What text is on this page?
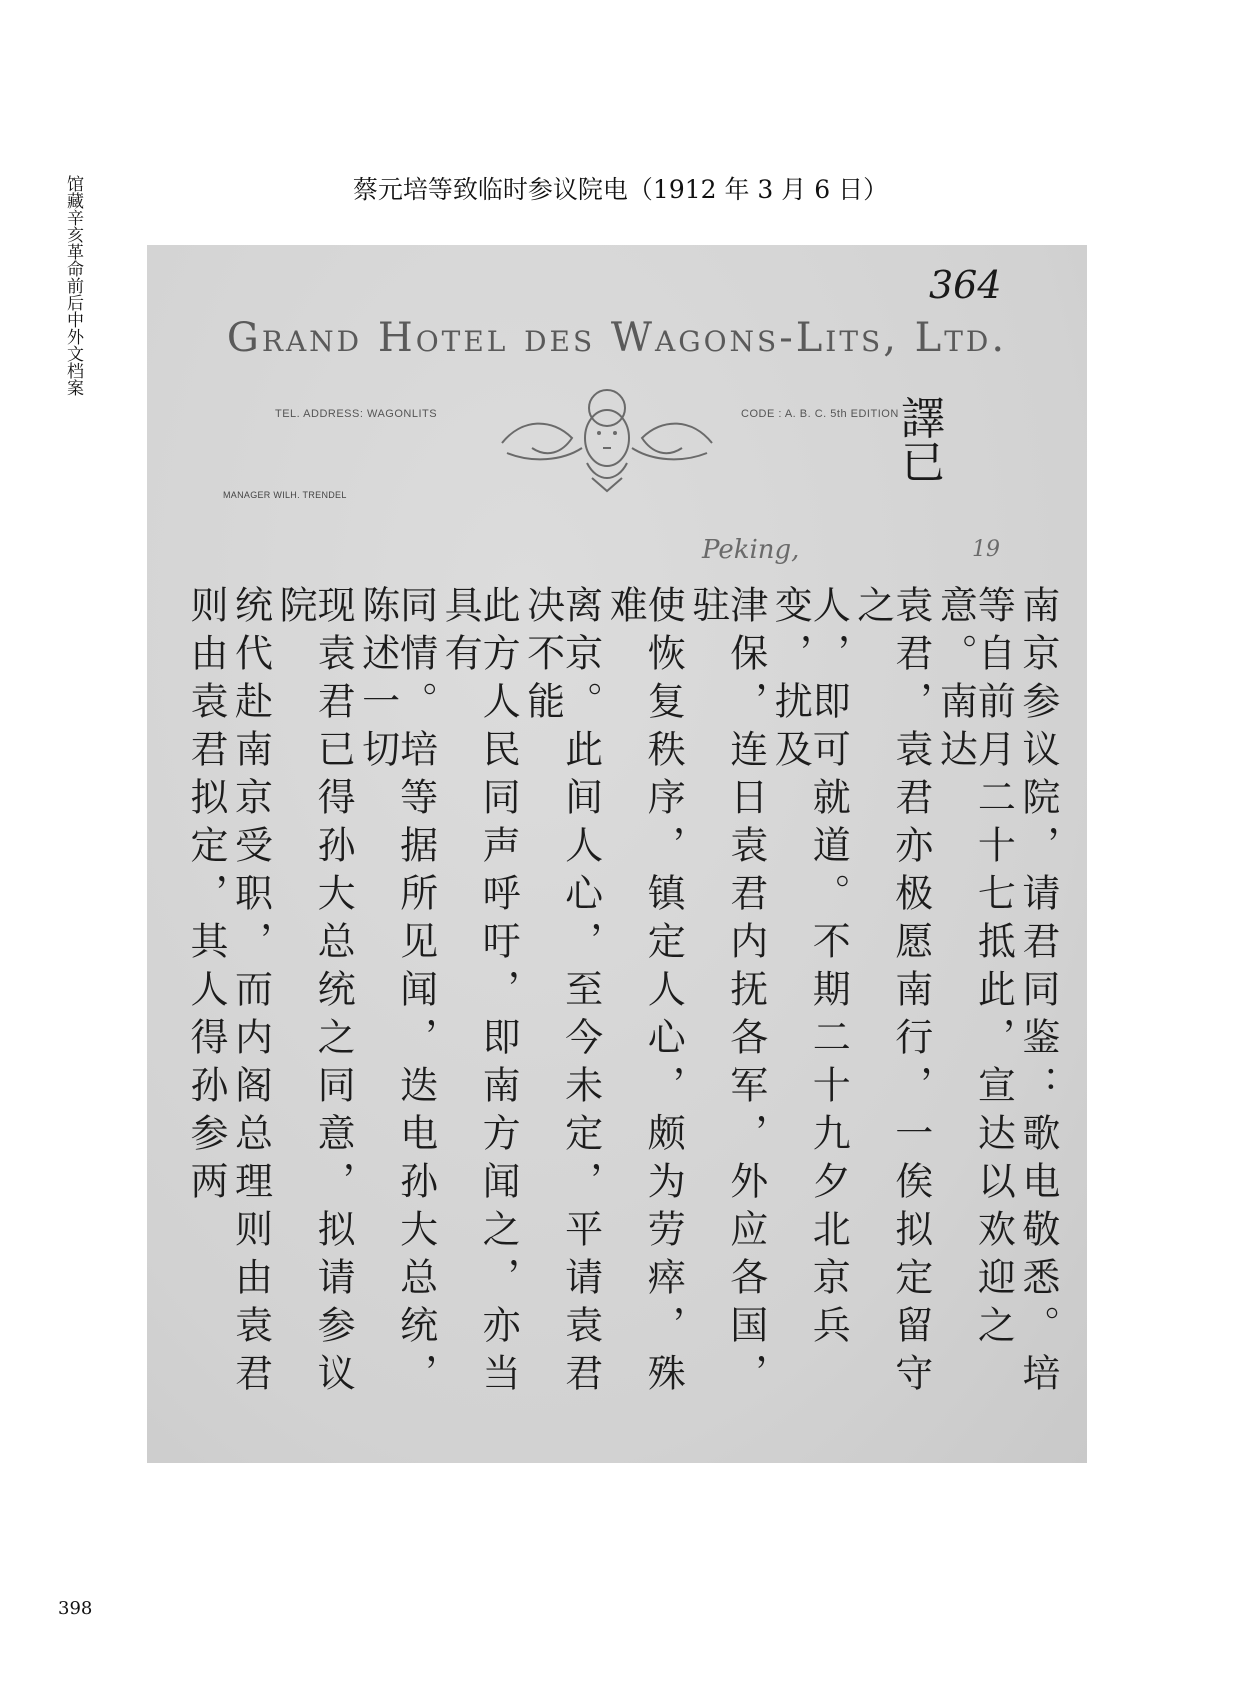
馆藏辛亥革命前后中外文档案	蔡元培等致临时参议院电（1912 年 3 月 6 日）
Grand Hotel des Wagons-Lits, Ltd.
TEL. ADDRESS: WAGONLITS	CODE : A. B. C. 5th EDITION
MANAGER WILH. TRENDEL
Peking,	19
364
譯已
南京参议院，请君同鉴：歌电敬悉。培
等自前月二十七抵此，宣达以欢迎之意。南达
袁君，袁君亦极愿南行，一俟拟定留守之
人，即可就道。不期二十九夕北京兵变，扰及
津保，连日袁君内抚各军，外应各国，驻
使恢复秩序，镇定人心，颇为劳瘁，殊难
离京。此间人心，至今未定，平请袁君决不能
此方人民同声呼吁，即南方闻之，亦当具有
同情。培等据所见闻，迭电孙大总统，陈述一切
现袁君已得孙大总统之同意，拟请参议院
统代赴南京受职，而内阁总理则由袁君
则由袁君拟定，其人得孙参两
398
